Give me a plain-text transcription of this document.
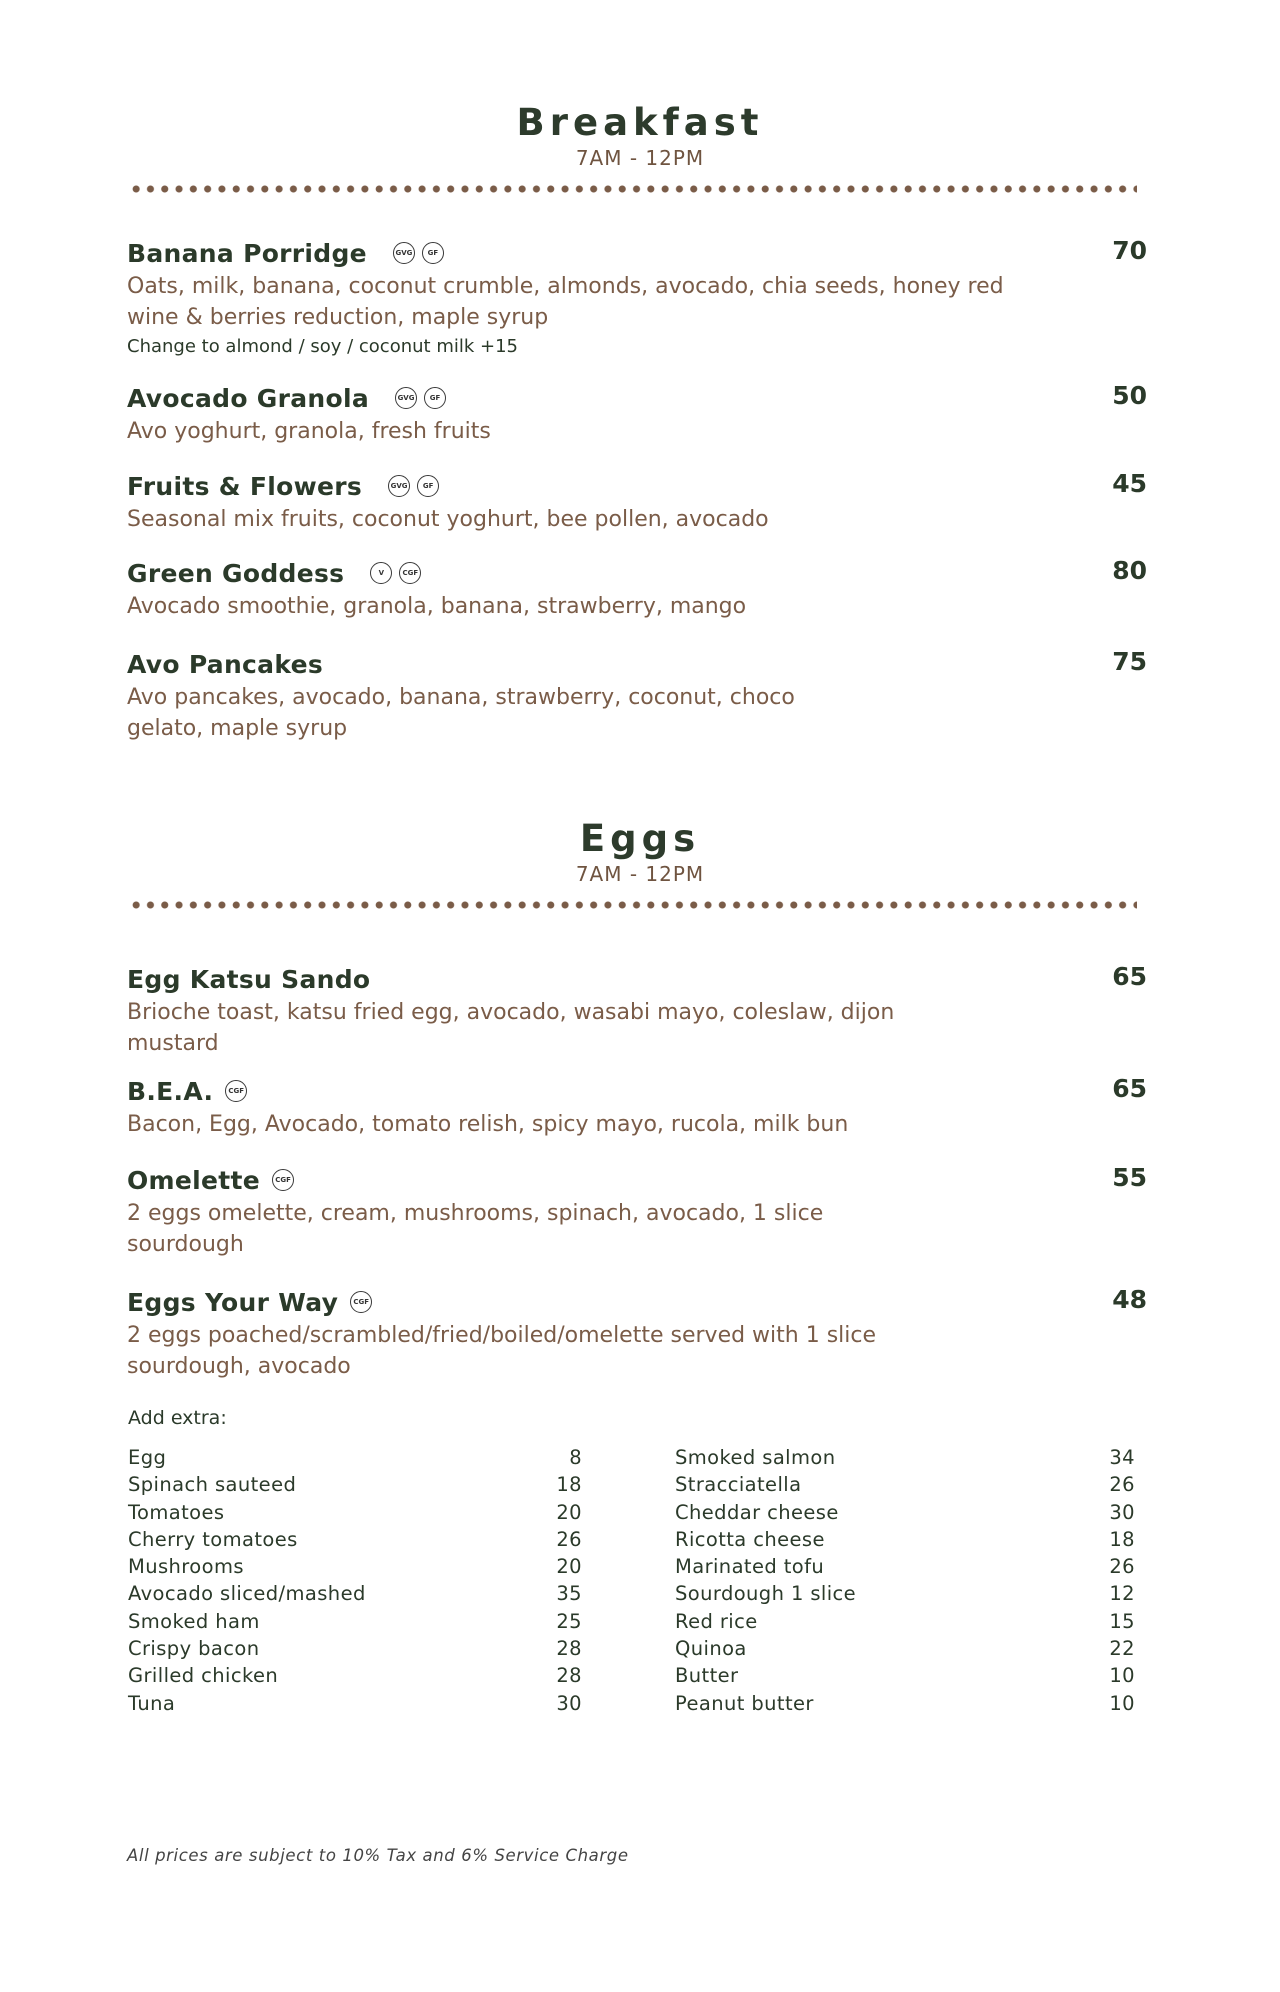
Breakfast
7AM - 12PM
Banana Porridge	GVG	GF	70
Oats, milk, banana, coconut crumble, almonds, avocado, chia seeds, honey red wine & berries reduction, maple syrup
Change to almond / soy / coconut milk +15
Avocado Granola	GVG	GF	50
Avo yoghurt, granola, fresh fruits
Fruits & Flowers	GVG	GF	45
Seasonal mix fruits, coconut yoghurt, bee pollen, avocado
Green Goddess	V	CGF	80
Avocado smoothie, granola, banana, strawberry, mango
Avo Pancakes	75
Avo pancakes, avocado, banana, strawberry, coconut, choco gelato, maple syrup
Eggs
7AM - 12PM
Egg Katsu Sando	65
Brioche toast, katsu fried egg, avocado, wasabi mayo, coleslaw, dijon mustard
B.E.A.	CGF	65
Bacon, Egg, Avocado, tomato relish, spicy mayo, rucola, milk bun
Omelette	CGF	55
2 eggs omelette, cream, mushrooms, spinach, avocado, 1 slice sourdough
Eggs Your Way	CGF	48
2 eggs poached/scrambled/fried/boiled/omelette served with 1 slice sourdough, avocado
Add extra:
Egg	8
Spinach sauteed	18
Tomatoes	20
Cherry tomatoes	26
Mushrooms	20
Avocado sliced/mashed	35
Smoked ham	25
Crispy bacon	28
Grilled chicken	28
Tuna	30
Smoked salmon	34
Stracciatella	26
Cheddar cheese	30
Ricotta cheese	18
Marinated tofu	26
Sourdough 1 slice	12
Red rice	15
Quinoa	22
Butter	10
Peanut butter	10
All prices are subject to 10% Tax and 6% Service Charge
